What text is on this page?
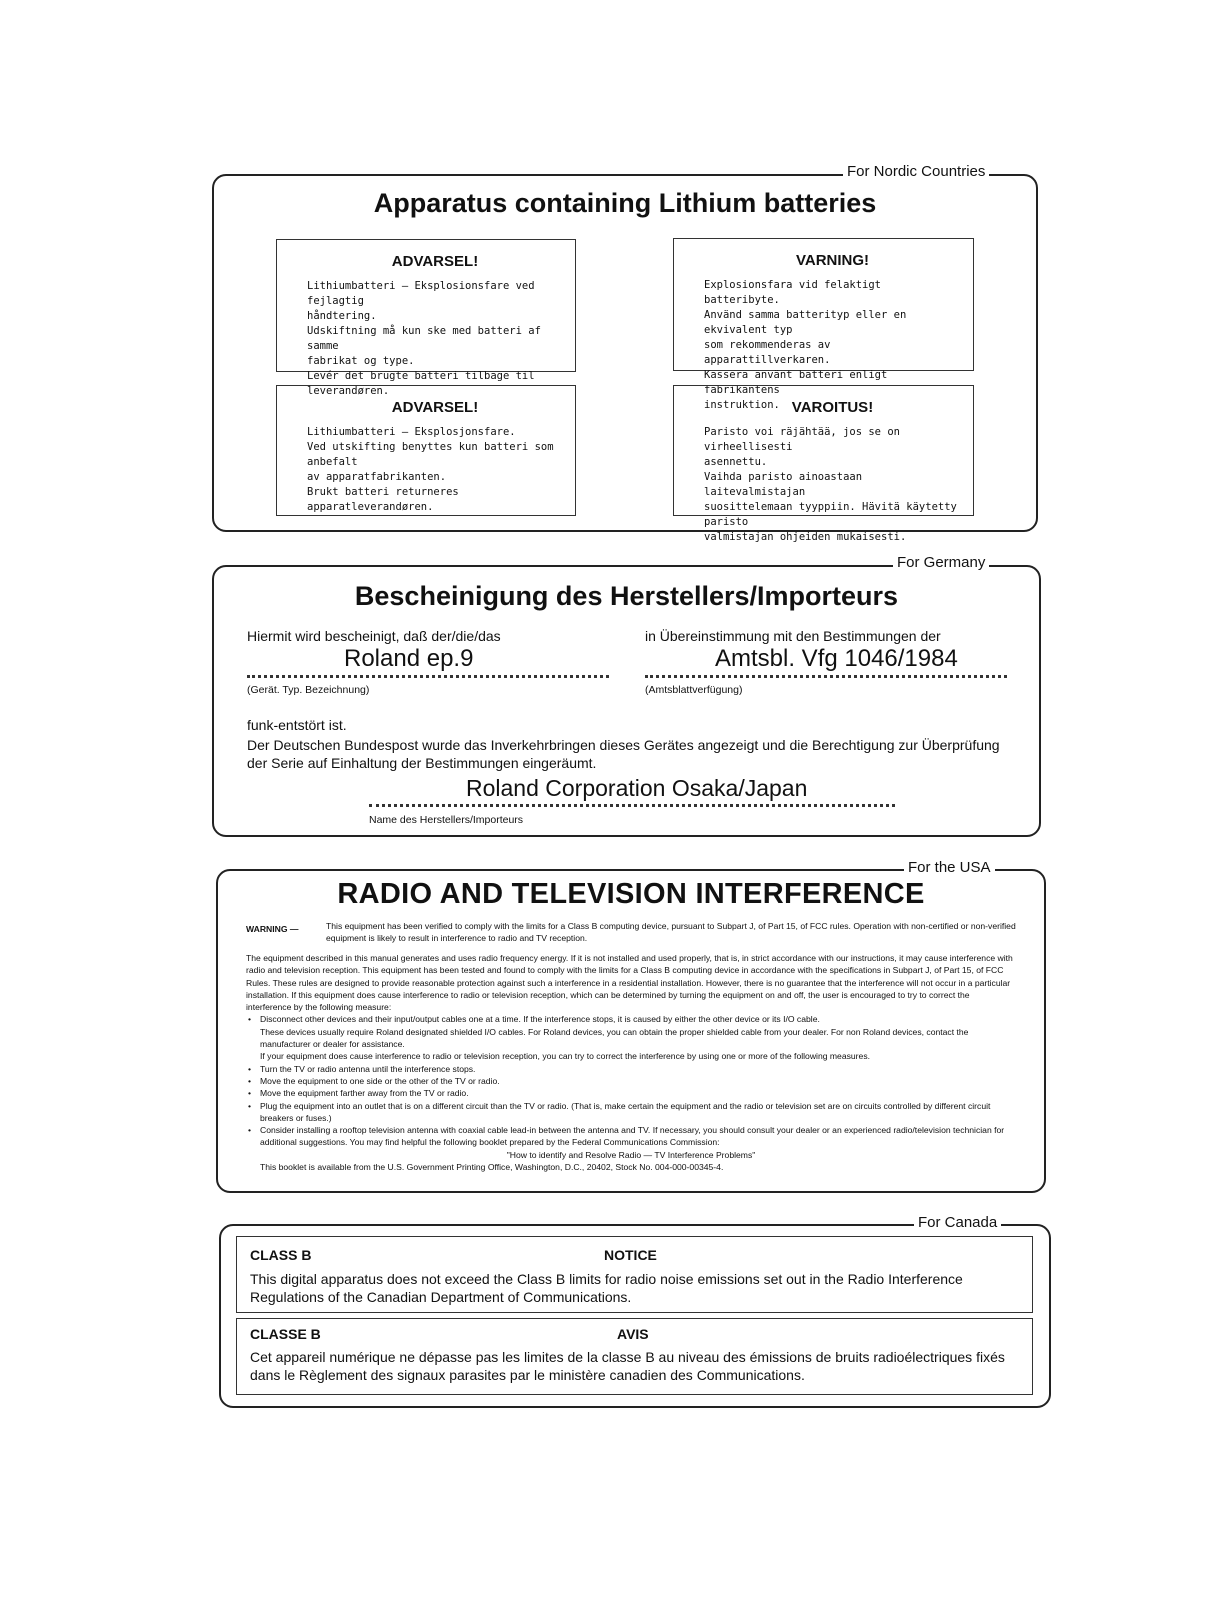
For Nordic Countries
Apparatus containing Lithium batteries
ADVARSEL!

Lithiumbatteri – Eksplosionsfare ved fejlagtig

håndtering.

Udskiftning må kun ske med batteri af samme

fabrikat og type.

Levér det brugte batteri tilbage til leverandøren.

VARNING!

Explosionsfara vid felaktigt batteribyte.

Använd samma batterityp eller en ekvivalent typ

som rekommenderas av apparattillverkaren.

Kassera använt batteri enligt fabrikantens

instruktion.

ADVARSEL!

Lithiumbatteri – Eksplosjonsfare.

Ved utskifting benyttes kun batteri som anbefalt

av apparatfabrikanten.

Brukt batteri returneres apparatleverandøren.

VAROITUS!

Paristo voi räjähtää, jos se on virheellisesti

asennettu.

Vaihda paristo ainoastaan laitevalmistajan

suosittelemaan tyyppiin. Hävitä käytetty paristo

valmistajan ohjeiden mukaisesti.

For Germany
Bescheinigung des Herstellers/Importeurs
Hiermit wird bescheinigt, daß der/die/das
Roland ep.9
(Gerät. Typ. Bezeichnung)
in Übereinstimmung mit den Bestimmungen der
Amtsbl. Vfg 1046/1984
(Amtsblattverfügung)
funk-entstört ist.
Der Deutschen Bundespost wurde das Inverkehrbringen dieses Gerätes angezeigt und die Berechtigung zur Überprüfung der Serie auf Einhaltung der Bestimmungen eingeräumt.
Roland Corporation Osaka/Japan
Name des Herstellers/Importeurs
For the USA
RADIO AND TELEVISION INTERFERENCE
WARNING —	This equipment has been verified to comply with the limits for a Class B computing device, pursuant to Subpart J, of Part 15, of FCC rules. Operation with non-certified or non-verified equipment is likely to result in interference to radio and TV reception.
The equipment described in this manual generates and uses radio frequency energy. If it is not installed and used properly, that is, in strict accordance with our instructions, it may cause interference with radio and television reception. This equipment has been tested and found to comply with the limits for a Class B computing device in accordance with the specifications in Subpart J, of Part 15, of FCC Rules. These rules are designed to provide reasonable protection against such a interference in a residential installation. However, there is no guarantee that the interference will not occur in a particular installation. If this equipment does cause interference to radio or television reception, which can be determined by turning the equipment on and off, the user is encouraged to try to correct the interference by the following measure:
• Disconnect other devices and their input/output cables one at a time. If the interference stops, it is caused by either the other device or its I/O cable.
These devices usually require Roland designated shielded I/O cables. For Roland devices, you can obtain the proper shielded cable from your dealer. For non Roland devices, contact the manufacturer or dealer for assistance.
If your equipment does cause interference to radio or television reception, you can try to correct the interference by using one or more of the following measures.
• Turn the TV or radio antenna until the interference stops.
• Move the equipment to one side or the other of the TV or radio.
• Move the equipment farther away from the TV or radio.
• Plug the equipment into an outlet that is on a different circuit than the TV or radio. (That is, make certain the equipment and the radio or television set are on circuits controlled by different circuit breakers or fuses.)
• Consider installing a rooftop television antenna with coaxial cable lead-in between the antenna and TV. If necessary, you should consult your dealer or an experienced radio/television technician for additional suggestions. You may find helpful the following booklet prepared by the Federal Communications Commission:
"How to identify and Resolve Radio — TV Interference Problems"
This booklet is available from the U.S. Government Printing Office, Washington, D.C., 20402, Stock No. 004-000-00345-4.
For Canada
CLASS B	NOTICE
This digital apparatus does not exceed the Class B limits for radio noise emissions set out in the Radio Interference Regulations of the Canadian Department of Communications.
CLASSE B	AVIS
Cet appareil numérique ne dépasse pas les limites de la classe B au niveau des émissions de bruits radioélectriques fixés dans le Règlement des signaux parasites par le ministère canadien des Communications.
